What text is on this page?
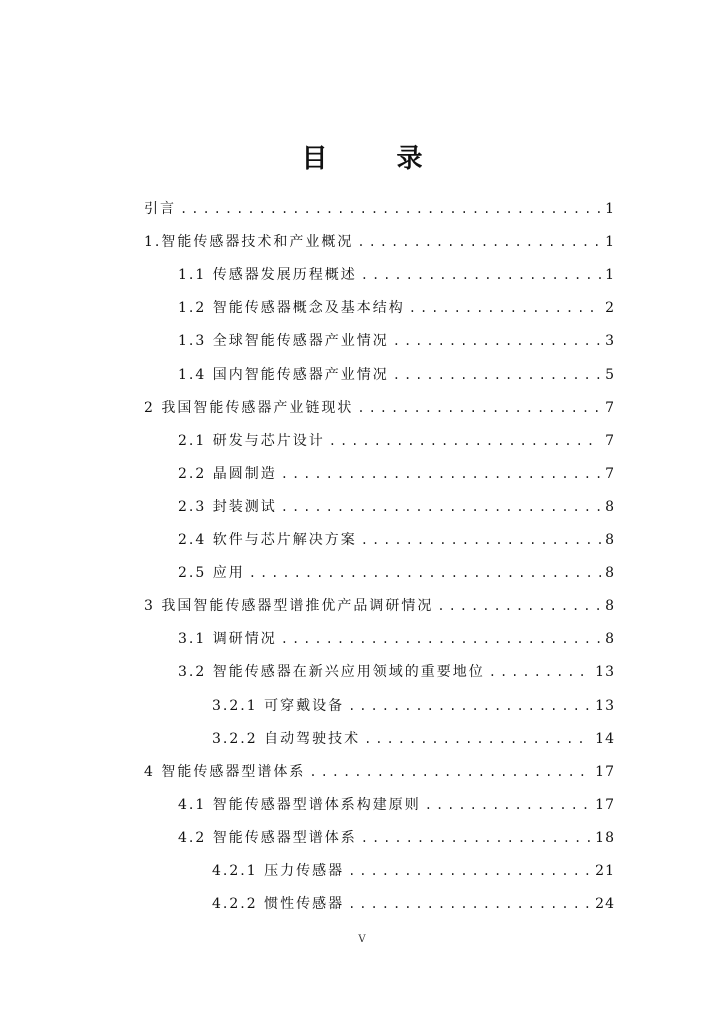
目 录
引言 .....	1
1.智能传感器技术和产业概况 .....	1
1.1 传感器发展历程概述 .....	1
1.2 智能传感器概念及基本结构 .....	2
1.3 全球智能传感器产业情况 .....	3
1.4 国内智能传感器产业情况 .....	5
2 我国智能传感器产业链现状 .....	7
2.1 研发与芯片设计 .....	7
2.2 晶圆制造 .....	7
2.3 封装测试 .....	8
2.4 软件与芯片解决方案 .....	8
2.5 应用 .....	8
3 我国智能传感器型谱推优产品调研情况 .....	8
3.1 调研情况 .....	8
3.2 智能传感器在新兴应用领域的重要地位 .....	13
3.2.1 可穿戴设备 .....	13
3.2.2 自动驾驶技术 .....	14
4 智能传感器型谱体系 .....	17
4.1 智能传感器型谱体系构建原则 .....	17
4.2 智能传感器型谱体系 .....	18
4.2.1 压力传感器 .....	21
4.2.2 惯性传感器 .....	24
V
